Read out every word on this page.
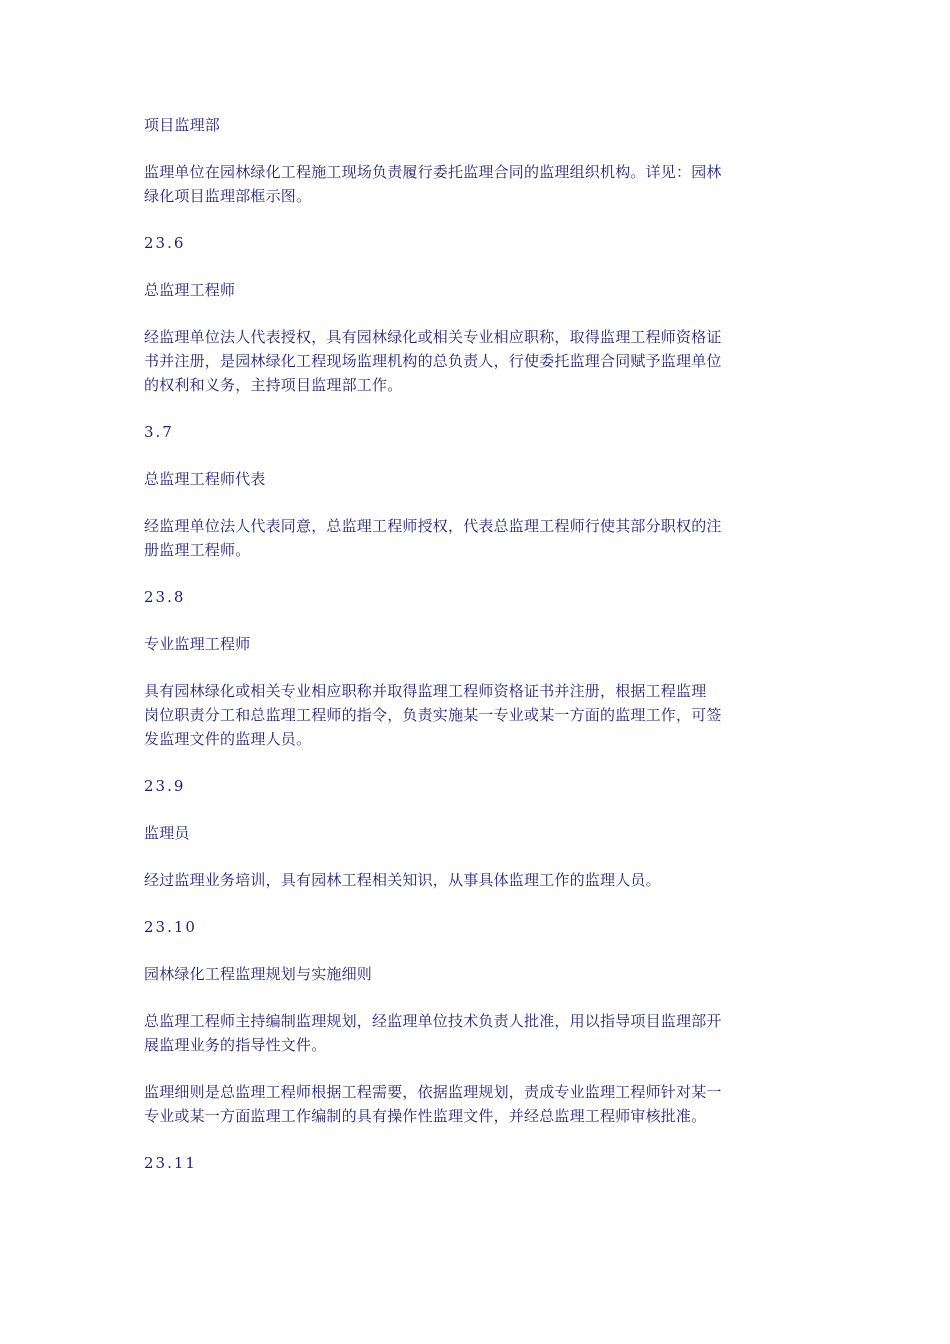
项目监理部
监理单位在园林绿化工程施工现场负责履行委托监理合同的监理组织机构。详见：园林
绿化项目监理部框示图。
23.6
总监理工程师
经监理单位法人代表授权，具有园林绿化或相关专业相应职称，取得监理工程师资格证
书并注册，是园林绿化工程现场监理机构的总负责人，行使委托监理合同赋予监理单位
的权利和义务，主持项目监理部工作。
3.7
总监理工程师代表
经监理单位法人代表同意，总监理工程师授权，代表总监理工程师行使其部分职权的注
册监理工程师。
23.8
专业监理工程师
具有园林绿化或相关专业相应职称并取得监理工程师资格证书并注册，根据工程监理
岗位职责分工和总监理工程师的指令，负责实施某一专业或某一方面的监理工作，可签
发监理文件的监理人员。
23.9
监理员
经过监理业务培训，具有园林工程相关知识，从事具体监理工作的监理人员。
23.10
园林绿化工程监理规划与实施细则
总监理工程师主持编制监理规划，经监理单位技术负责人批准，用以指导项目监理部开
展监理业务的指导性文件。
监理细则是总监理工程师根据工程需要，依据监理规划，责成专业监理工程师针对某一
专业或某一方面监理工作编制的具有操作性监理文件，并经总监理工程师审核批准。
23.11
